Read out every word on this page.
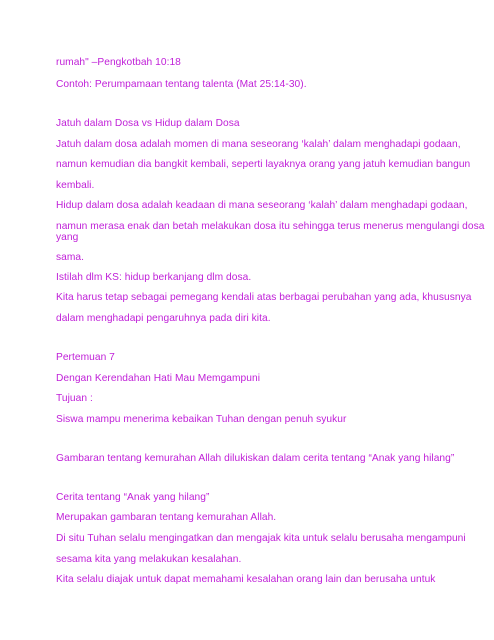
rumah" –Pengkotbah 10:18
Contoh: Perumpamaan tentang talenta (Mat 25:14-30).
Jatuh dalam Dosa vs Hidup dalam Dosa
Jatuh dalam dosa adalah momen di mana seseorang ‘kalah’ dalam menghadapi godaan,
namun kemudian dia bangkit kembali, seperti layaknya orang yang jatuh kemudian bangun
kembali.
Hidup dalam dosa adalah keadaan di mana seseorang ‘kalah’ dalam menghadapi godaan,
namun merasa enak dan betah melakukan dosa itu sehingga terus menerus mengulangi dosa
yang
sama.
Istilah dlm KS: hidup berkanjang dlm dosa.
Kita harus tetap sebagai pemegang kendali atas berbagai perubahan yang ada, khususnya
dalam menghadapi pengaruhnya pada diri kita.
Pertemuan 7
Dengan Kerendahan Hati Mau Memgampuni
Tujuan :
Siswa mampu menerima kebaikan Tuhan dengan penuh syukur
Gambaran tentang kemurahan Allah dilukiskan dalam cerita tentang “Anak yang hilang”
Cerita tentang “Anak yang hilang”
Merupakan gambaran tentang kemurahan Allah.
Di situ Tuhan selalu mengingatkan dan mengajak kita untuk selalu berusaha mengampuni
sesama kita yang melakukan kesalahan.
Kita selalu diajak untuk dapat memahami kesalahan orang lain dan berusaha untuk
